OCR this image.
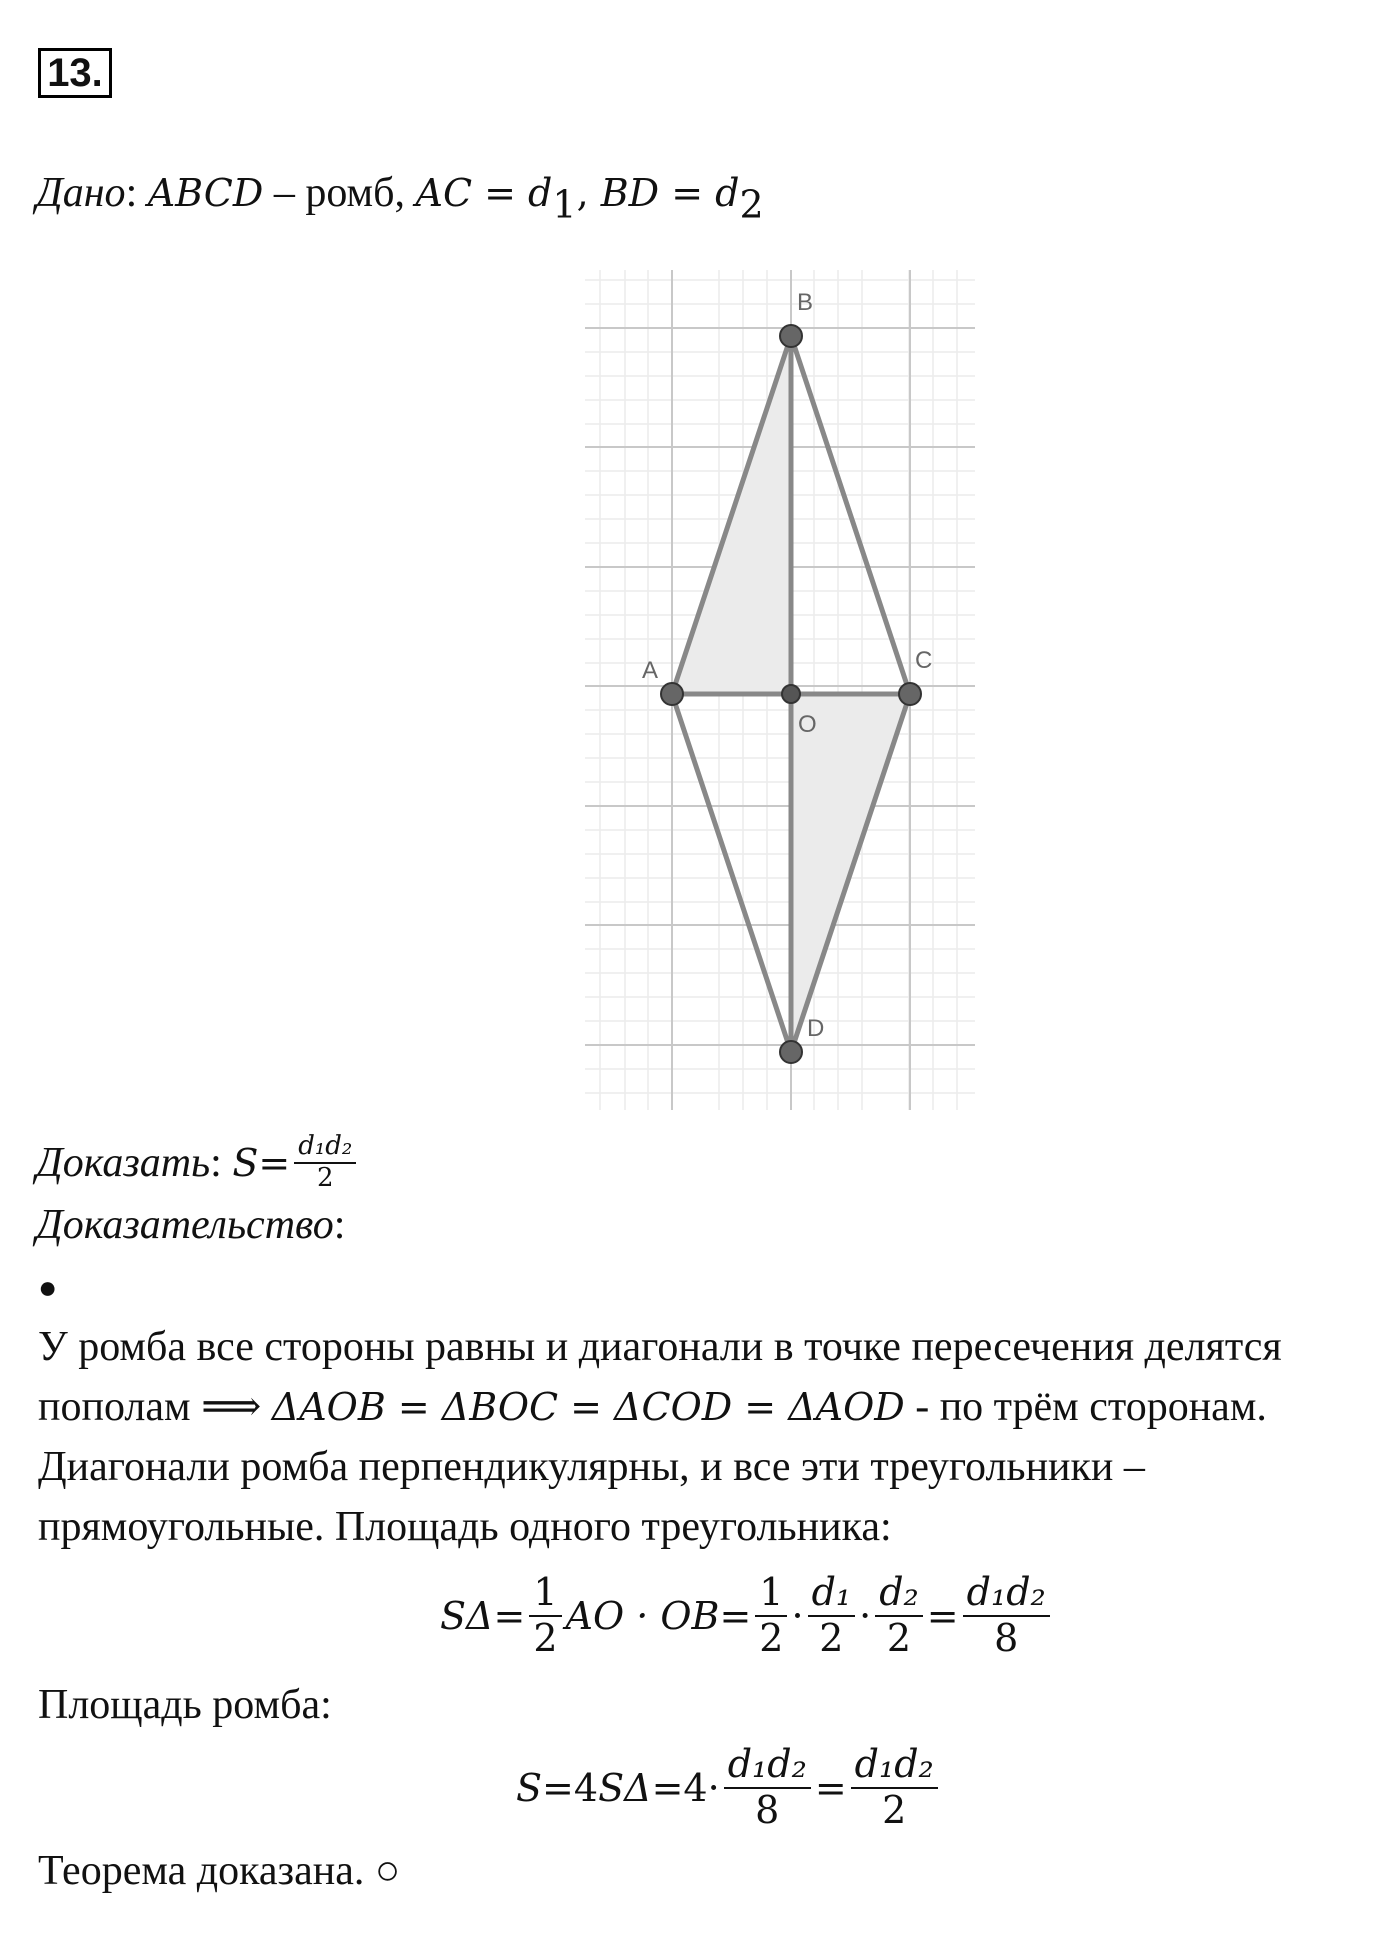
13.
Дано: ABCD – ромб, AC = $d_1$, BD = $d_2$
B
A	C
O
D
Доказать :
$S = \frac{\text{d₁d₂}}{2}$
Доказательство:
●
У ромба все стороны равны и диагонали в точке пересечения делятся
пополам ⟹ ΔAOB = ΔBOC = ΔCOD = ΔAOD - по трём сторонам.
Диагонали ромба перпендикулярны, и все эти треугольники –
прямоугольные. Площадь одного треугольника:
S $\Delta = \frac{1}{2}$ AO · OB = $\frac{1}{2} \cdot \frac{\text{d₁}}{2} \cdot \frac{\text{d₂}}{2} = \frac{\text{d₁d₂}}{8}$
Площадь ромба:
S = 4 S $\Delta = 4 \cdot \frac{\text{d₁d₂}}{8} = \frac{\text{d₁d₂}}{2}$
Теорема доказана. ○
